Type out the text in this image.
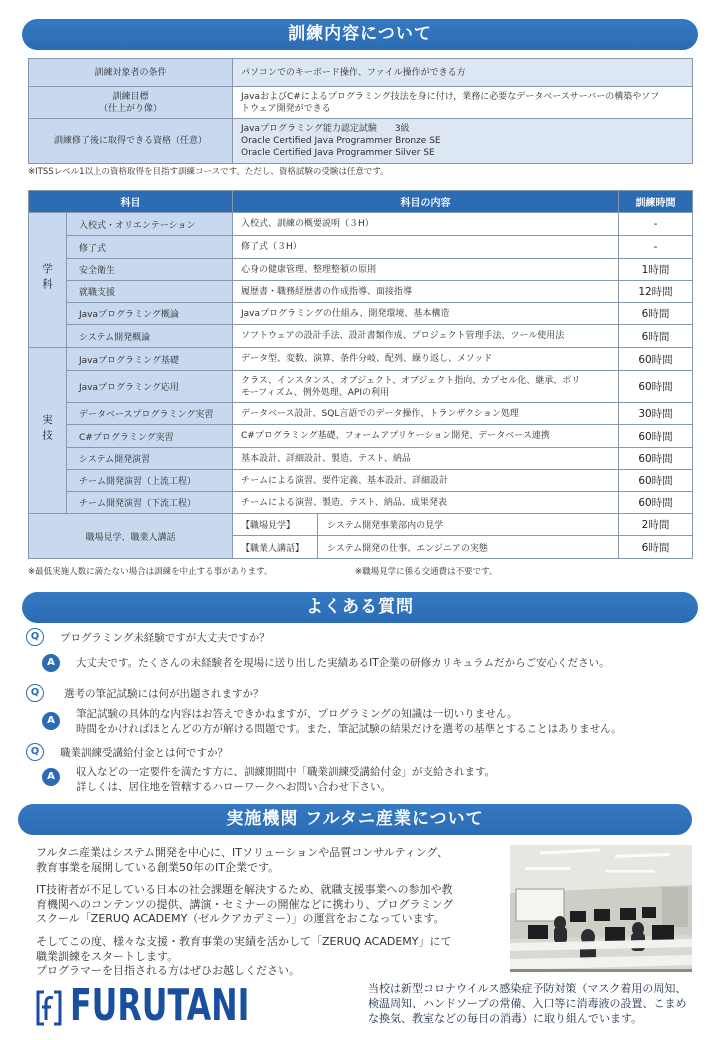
訓練内容について
訓練対象者の条件	パソコンでのキーボード操作、ファイル操作ができる方
訓練目標
（仕上がり像）	JavaおよびC#によるプログラミング技法を身に付け，業務に必要なデータベースサーバーの構築やソフトウェア開発ができる
訓練修了後に取得できる資格（任意）	Javaプログラミング能力認定試験　　3級
Oracle Certified Java Programmer Bronze SE
Oracle Certified Java Programmer Silver SE
※ITSSレベル1以上の資格取得を目指す訓練コースです。ただし、資格試験の受験は任意です。
科目		科目の内容		訓練時間
学科	入校式・オリエンテーション	入校式、訓練の概要説明（３H）		-
	修了式	修了式（３H）		-
	安全衛生	心身の健康管理、整理整頓の原則		1時間
	就職支援	履歴書・職務経歴書の作成指導、面接指導		12時間
	Javaプログラミング概論	Javaプログラミングの仕組み、開発環境、基本構造		6時間
	システム開発概論	ソフトウェアの設計手法、設計書類作成、プロジェクト管理手法、ツール使用法		6時間
実技	Javaプログラミング基礎	データ型、変数、演算、条件分岐、配列、繰り返し、メソッド		60時間
	Javaプログラミング応用	クラス、インスタンス、オブジェクト、オブジェクト指向、カプセル化、継承、ポリモーフィズム、例外処理、APIの利用		60時間
	データベースプログラミング実習	データベース設計、SQL言語でのデータ操作、トランザクション処理		30時間
	C#プログラミング実習	C#プログラミング基礎、フォームアプリケーション開発、データベース連携		60時間
	システム開発演習	基本設計、詳細設計、製造、テスト、納品		60時間
	チーム開発演習（上流工程）	チームによる演習、要件定義、基本設計、詳細設計		60時間
	チーム開発演習（下流工程）	チームによる演習、製造、テスト、納品、成果発表		60時間
職場見学、職業人講話		【職場見学】	システム開発事業部内の見学	2時間
		【職業人講話】	システム開発の仕事、エンジニアの実態	6時間
※最低実施人数に満たない場合は訓練を中止する事があります。	※職場見学に係る交通費は不要です。
よくある質問
Q	プログラミング未経験ですが大丈夫ですか？
A	大丈夫です。たくさんの未経験者を現場に送り出した実績あるIT企業の研修カリキュラムだからご安心ください。
Q	選考の筆記試験には何が出題されますか？
A
筆記試験の具体的な内容はお答えできかねますが、プログラミングの知識は一切いりません。
時間をかければほとんどの方が解ける問題です。また、筆記試験の結果だけを選考の基準とすることはありません。
Q	職業訓練受講給付金とは何ですか？
A	収入などの一定要件を満たす方に、訓練期間中「職業訓練受講給付金」が支給されます。
詳しくは、居住地を管轄するハローワークへお問い合わせ下さい。
実施機関 フルタニ産業について
フルタニ産業はシステム開発を中心に、ITソリューションや品質コンサルティング、
教育事業を展開している創業50年のIT企業です。
IT技術者が不足している日本の社会課題を解決するため、就職支援事業への参加や教
育機関へのコンテンツの提供、講演・セミナーの開催などに携わり、プログラミング
スクール「ZERUQ ACADEMY（ゼルクアカデミー）」の運営をおこなっています。
そしてこの度、様々な支援・教育事業の実績を活かして「ZERUQ ACADEMY」にて
職業訓練をスタートします。
プログラマーを目指される方はぜひお越しください。
FURUTANI	当校は新型コロナウイルス感染症予防対策（マスク着用の周知、
検温周知、ハンドソープの常備、入口等に消毒液の設置、こまめ
な換気、教室などの毎日の消毒）に取り組んでいます。
